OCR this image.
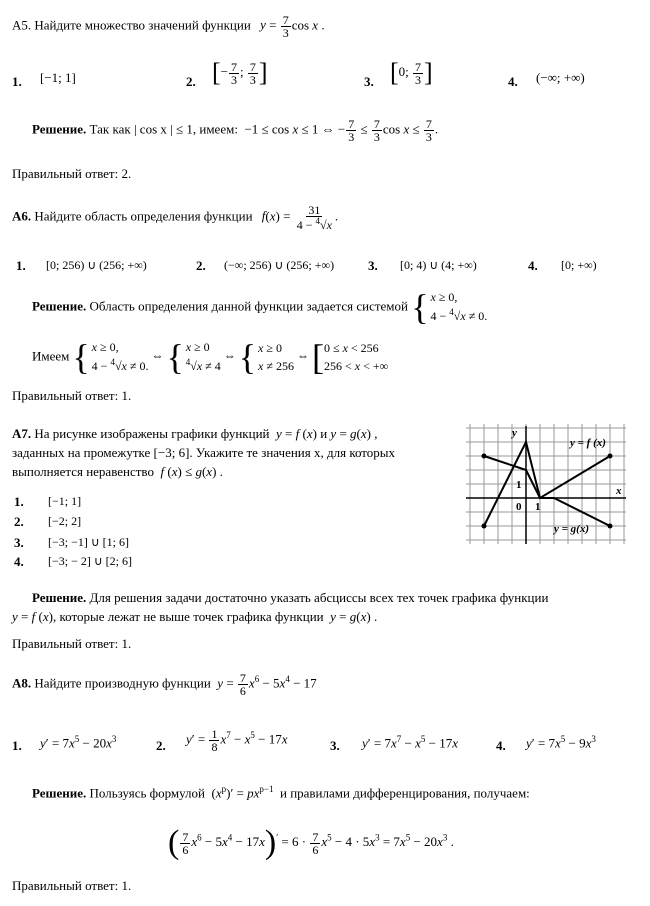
А5. Найдите множество значений функции $y = \frac{7}{3}$ cos x .
1. [−1; 1]	2. [− $\frac{7}{3}$ ; $\frac{7}{3}$ ]	3. [0; $\frac{7}{3}$ ]	4. (−∞; +∞)
Решение. Так как | cos x | ≤ 1, имеем:  −1 ≤ cos x ≤ 1 ⇔ − $\frac{7}{3} \le \frac{7}{3}$ $\cos x \le \frac{7}{3}$ .
Правильный ответ: 2.
А6. Найдите область определения функции $f(x) = \frac{31}{4 - ^4√x}$ .
1. [0; 256) ∪ (256; +∞)	2. (−∞; 256) ∪ (256; +∞)	3. [0; 4) ∪ (4; +∞)	4. [0; +∞)
Решение. Область определения данной функции задается системой { x ≥ 0,
4 − $^4$√x ≠ 0.
Имеем { x ≥ 0,
4 − $^4$√x ≠ 0.
⇔ { x ≥ 0
$^4$√x ≠ 4
⇔ { x ≥ 0
x ≠ 256
⇔ [ 0 ≤ x < 256
256 < x < +∞
Правильный ответ: 1.
А7. На рисунке изображены графики функций y = f (x) и y = g(x) ,
заданных на промежутке [−3; 6]. Укажите те значения x, для которых
выполняется неравенство f (x) ≤ g(x) .
1. [−1; 1]
2. [−2; 2]
3. [−3; −1] ∪ [1; 6]
4. [−3; − 2] ∪ [2; 6]
y
x
y = f (x)
y = g(x)
0 1
1
Решение. Для решения задачи достаточно указать абсциссы всех тех точек графика функции
y = f (x), которые лежат не выше точек графика функции y = g(x) .
Правильный ответ: 1.
А8. Найдите производную функции $y = \frac{7}{6} x^6 - 5x^4 - 17$
1. $y' = 7x^5 - 20x^3$	2. $y' = \frac{1}{8} x^7 - x^5 - 17x$	3. $y' = 7x^7 - x^5 - 17x$	4. $y' = 7x^5 - 9x^3$
Решение. Пользуясь формулой  $(x^p)' = px^{p-1}$ и правилами дифференцирования, получаем:
( $\frac{7}{6} x^6 - 5x^4 - 17x)' = 6 \cdot \frac{7}{6} x^5 - 4 \cdot 5x^3 = 7x^5 - 20x^3$ .
Правильный ответ: 1.
